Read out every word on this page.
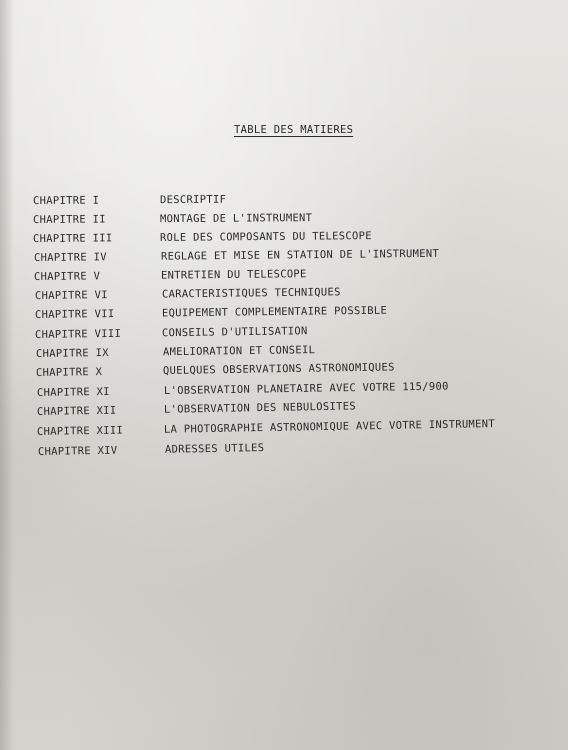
TABLE DES MATIERES
CHAPITRE I	DESCRIPTIF
CHAPITRE II	MONTAGE DE L'INSTRUMENT
CHAPITRE III	ROLE DES COMPOSANTS DU TELESCOPE
CHAPITRE IV	REGLAGE ET MISE EN STATION DE L'INSTRUMENT
CHAPITRE V	ENTRETIEN DU TELESCOPE
CHAPITRE VI	CARACTERISTIQUES TECHNIQUES
CHAPITRE VII	EQUIPEMENT COMPLEMENTAIRE POSSIBLE
CHAPITRE VIII	CONSEILS D'UTILISATION
CHAPITRE IX	AMELIORATION ET CONSEIL
CHAPITRE X	QUELQUES OBSERVATIONS ASTRONOMIQUES
CHAPITRE XI	L'OBSERVATION PLANETAIRE AVEC VOTRE 115/900
CHAPITRE XII	L'OBSERVATION DES NEBULOSITES
CHAPITRE XIII	LA PHOTOGRAPHIE ASTRONOMIQUE AVEC VOTRE INSTRUMENT
CHAPITRE XIV	ADRESSES UTILES
